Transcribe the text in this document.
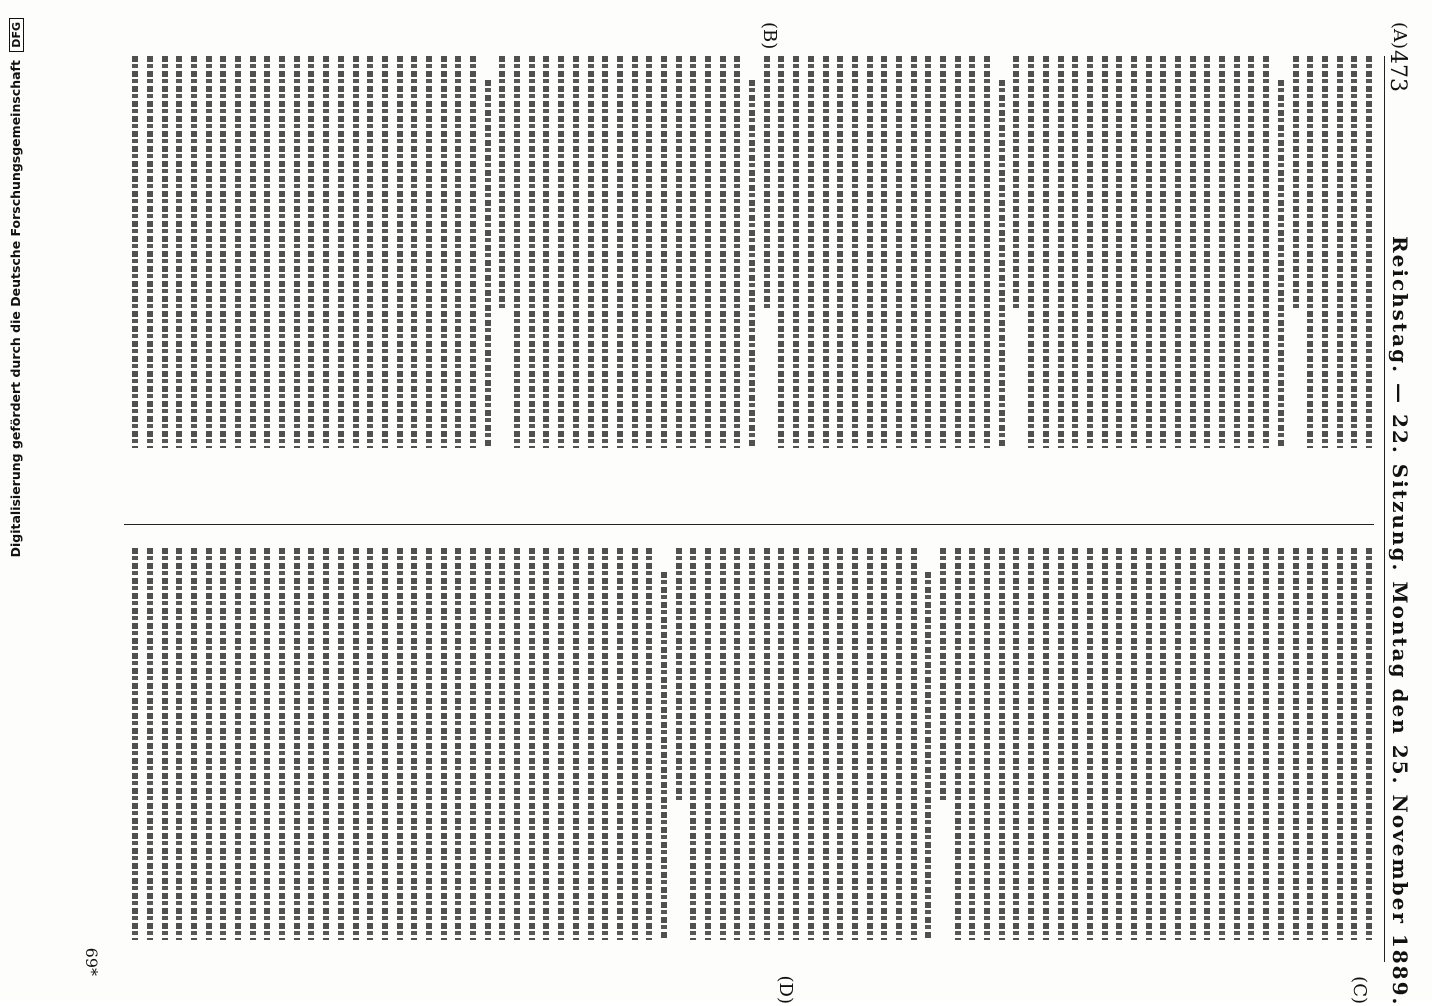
Digitalisierung gefördert durch die Deutsche Forschungsgemeinschaft DFG
473
Reichstag. — 22. Sitzung. Montag den 25. November 1889.
(A)
(B)
(C)
(D)
69*
